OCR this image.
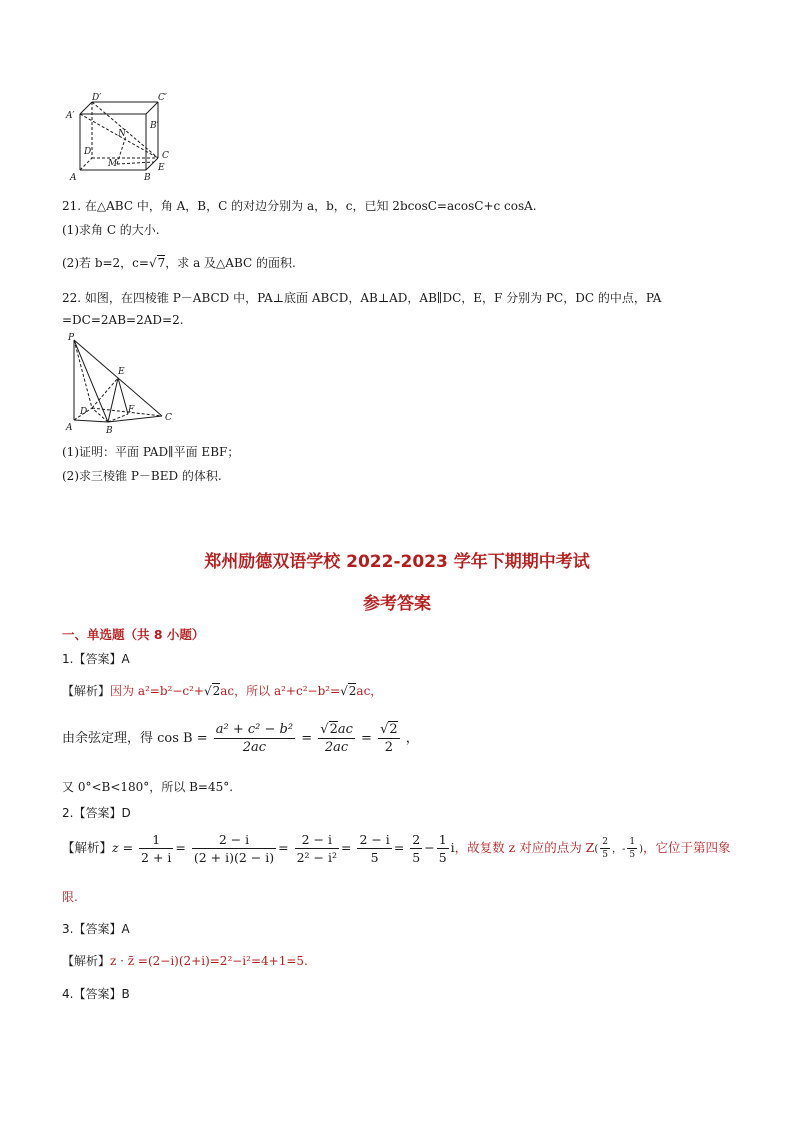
D′	C′
A′
B′
N
D
M
C
E
A	B
21. 在△ABC 中，角 A，B，C 的对边分别为 a，b，c，已知 2bcosC=acosC+c cosA.
(1)求角 C 的大小.
(2)若 b=2，c=√7，求 a 及△ABC 的面积.
22. 如图，在四棱锥 P－ABCD 中，PA⊥底面 ABCD，AB⊥AD，AB∥DC，E，F 分别为 PC，DC 的中点，PA
=DC=2AB=2AD=2.
P
E
D	F
C
A	B
(1)证明：平面 PAD∥平面 EBF；
(2)求三棱锥 P－BED 的体积.
郑州励德双语学校 2022-2023 学年下期期中考试
参考答案
一、单选题（共 8 小题）
1.【答案】A
【解析】因为 a²=b²−c²+√2ac，所以 a²+c²−b²=√2ac，
由余弦定理，得 $\cos B = \frac{\text{a² + c² − b²}}{2ac} = \frac{√2ac}{2ac} = \frac{√2}{2}$ ，
又 0°<B<180°，所以 B=45°.
2.【答案】D
【解析】$z = \frac{1}{2 + i} = \frac{2 - i}{(2 + i)(2 - i)} = \frac{2 - i}{\text{2² − i²}} = \frac{2 - i}{5} = \frac{2}{5} - \frac{1}{5}$ i，故复数 z 对应的点为 $Z( \frac{2}{5}$ ，- $\frac{1}{5}$ )，它位于第四象
限.
3.【答案】A
【解析】z · z̄ =(2−i)(2+i)=2²−i²=4+1=5.
4.【答案】B
